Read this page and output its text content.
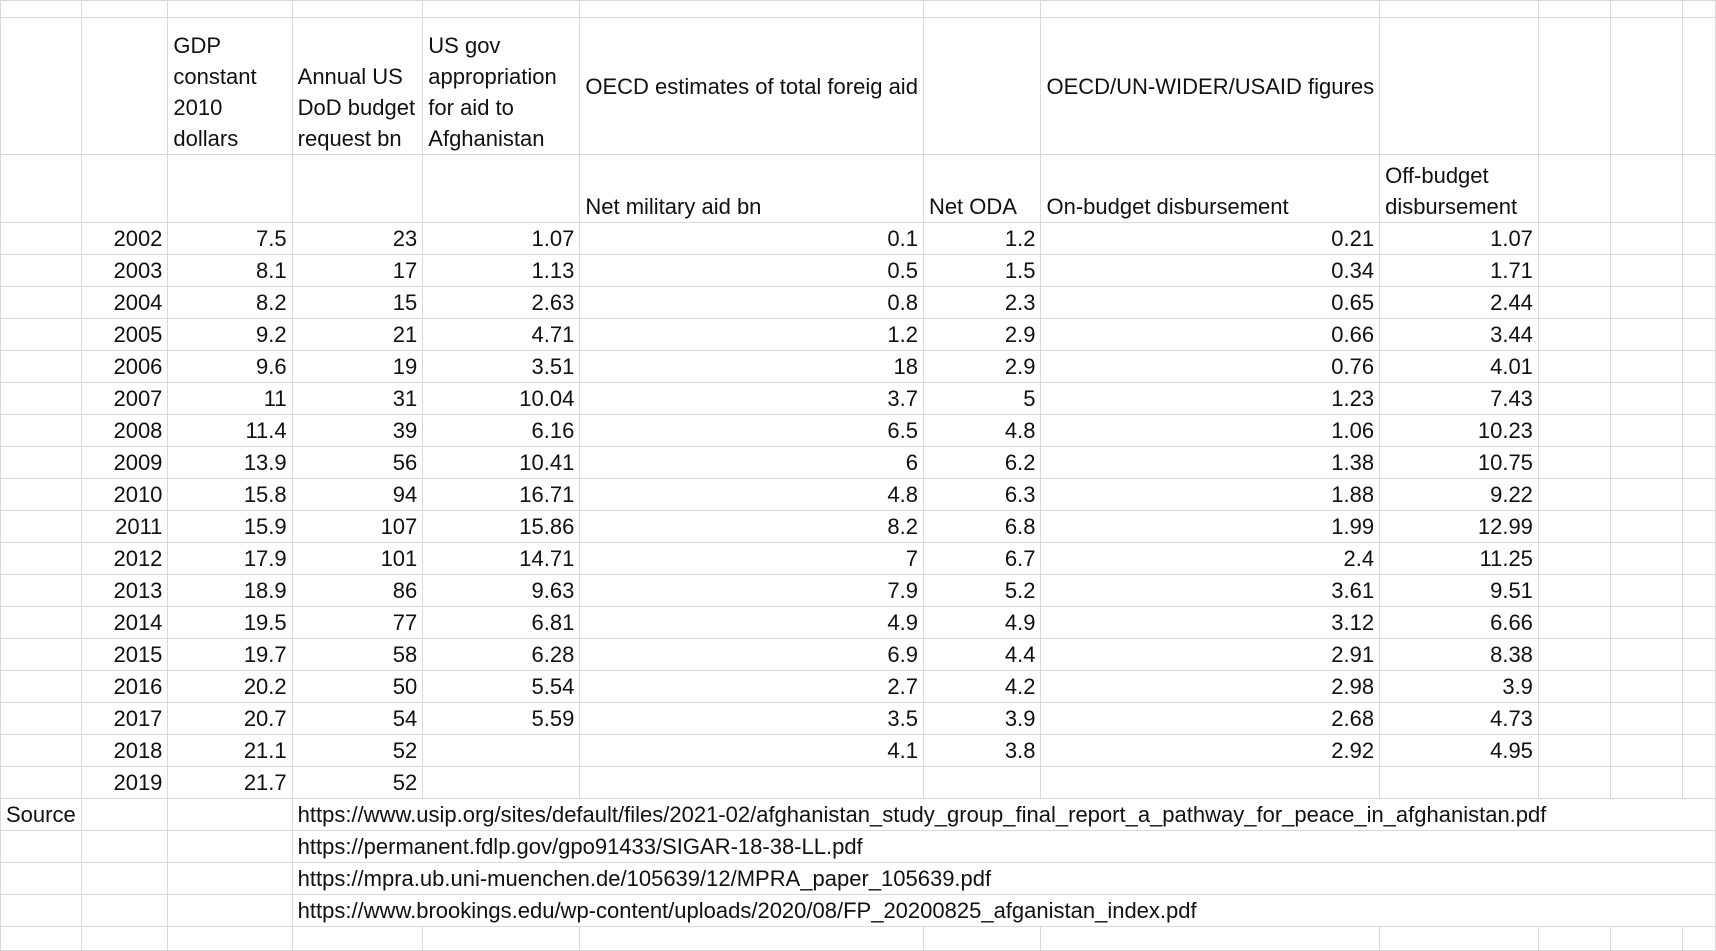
		GDP constant 2010 dollars	Annual US DoD budget request bn	US gov appropriation for aid to Afghanistan	OECD estimates of total foreig aid		OECD/UN-WIDER/USAID figures				
					Net military aid bn	Net ODA	On-budget disbursement	Off-budget disbursement			
	2002	7.5	23	1.07	0.1	1.2	0.21	1.07			
	2003	8.1	17	1.13	0.5	1.5	0.34	1.71			
	2004	8.2	15	2.63	0.8	2.3	0.65	2.44			
	2005	9.2	21	4.71	1.2	2.9	0.66	3.44			
	2006	9.6	19	3.51	18	2.9	0.76	4.01			
	2007	11	31	10.04	3.7	5	1.23	7.43			
	2008	11.4	39	6.16	6.5	4.8	1.06	10.23			
	2009	13.9	56	10.41	6	6.2	1.38	10.75			
	2010	15.8	94	16.71	4.8	6.3	1.88	9.22			
	2011	15.9	107	15.86	8.2	6.8	1.99	12.99			
	2012	17.9	101	14.71	7	6.7	2.4	11.25			
	2013	18.9	86	9.63	7.9	5.2	3.61	9.51			
	2014	19.5	77	6.81	4.9	4.9	3.12	6.66			
	2015	19.7	58	6.28	6.9	4.4	2.91	8.38			
	2016	20.2	50	5.54	2.7	4.2	2.98	3.9			
	2017	20.7	54	5.59	3.5	3.9	2.68	4.73			
	2018	21.1	52		4.1	3.8	2.92	4.95			
	2019	21.7	52								
Source			https://www.usip.org/sites/default/files/2021-02/afghanistan_study_group_final_report_a_pathway_for_peace_in_afghanistan.pdf								
			https://permanent.fdlp.gov/gpo91433/SIGAR-18-38-LL.pdf								
			https://mpra.ub.uni-muenchen.de/105639/12/MPRA_paper_105639.pdf								
			https://www.brookings.edu/wp-content/uploads/2020/08/FP_20200825_afganistan_index.pdf								
